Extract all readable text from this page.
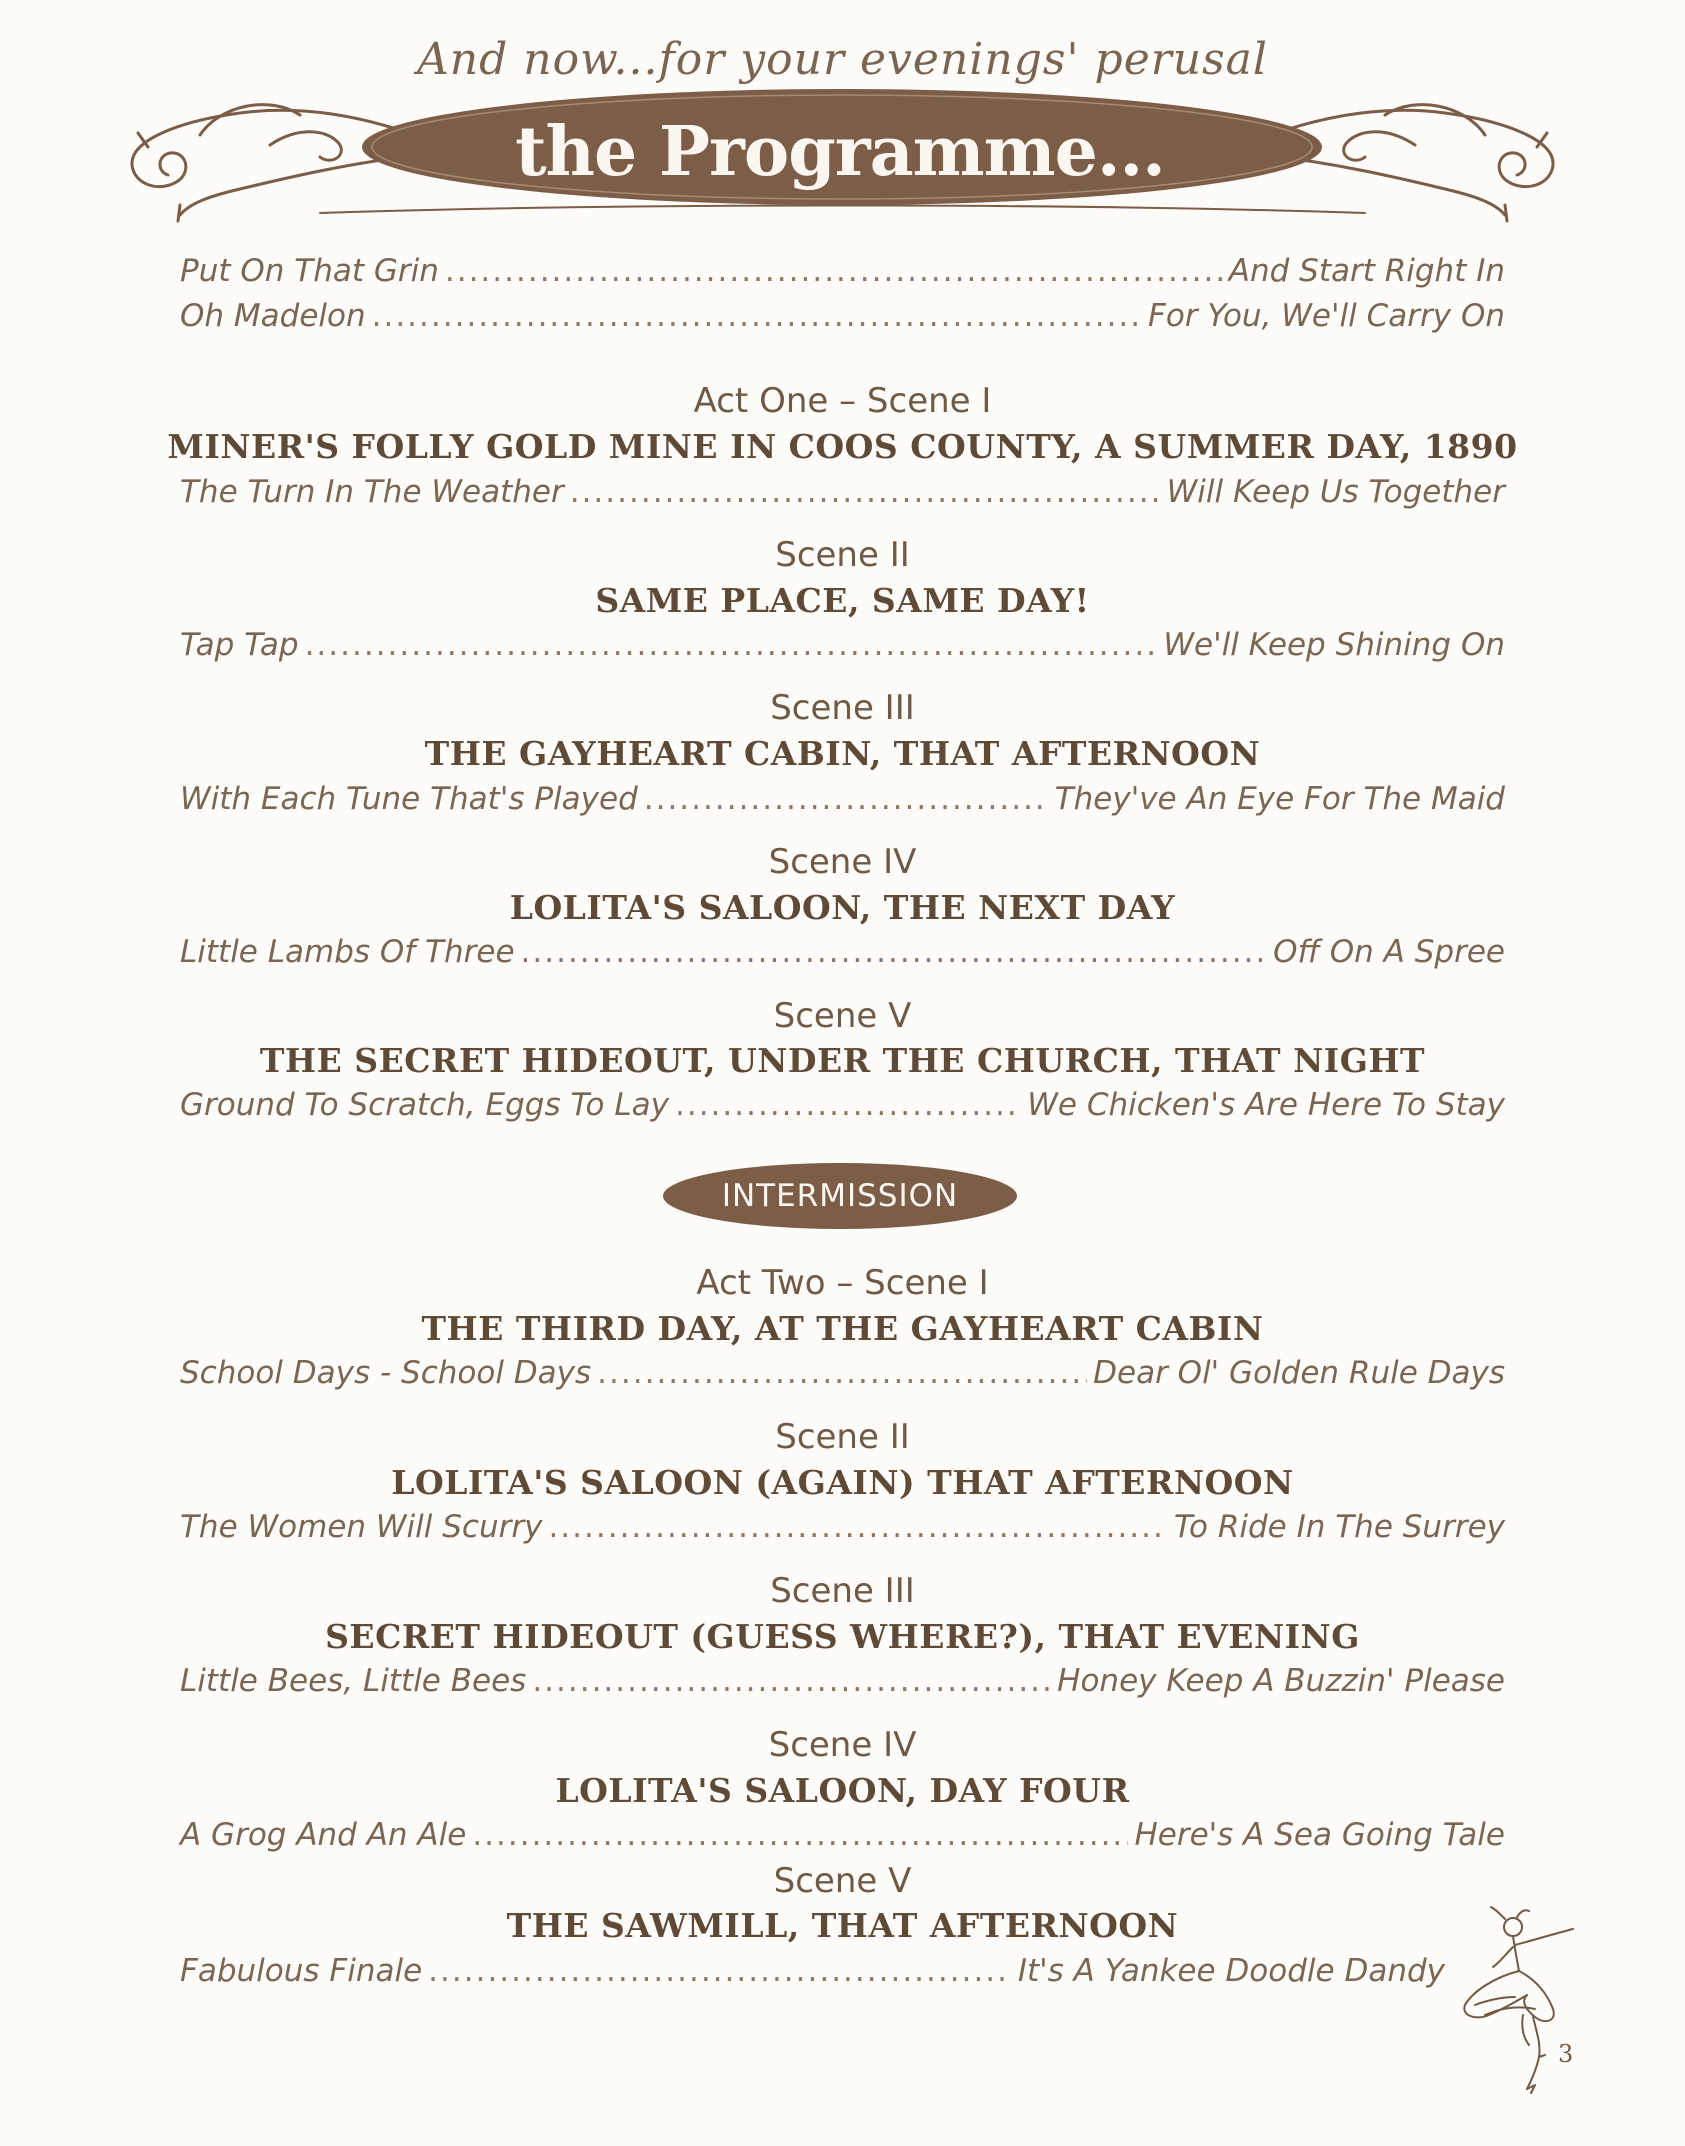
And now...for your evenings' perusal
the Programme...
Put On That Grin .....	And Start Right In
Oh Madelon .....	For You, We'll Carry On
Act One – Scene I
MINER'S FOLLY GOLD MINE IN COOS COUNTY, A SUMMER DAY, 1890
The Turn In The Weather .....	Will Keep Us Together
Scene II
SAME PLACE, SAME DAY!
Tap Tap .....	We'll Keep Shining On
Scene III
THE GAYHEART CABIN, THAT AFTERNOON
With Each Tune That's Played .....	They've An Eye For The Maid
Scene IV
LOLITA'S SALOON, THE NEXT DAY
Little Lambs Of Three .....	Off On A Spree
Scene V
THE SECRET HIDEOUT, UNDER THE CHURCH, THAT NIGHT
Ground To Scratch, Eggs To Lay .....	We Chicken's Are Here To Stay
INTERMISSION
Act Two – Scene I
THE THIRD DAY, AT THE GAYHEART CABIN
School Days - School Days .....	Dear Ol' Golden Rule Days
Scene II
LOLITA'S SALOON (AGAIN) THAT AFTERNOON
The Women Will Scurry .....	To Ride In The Surrey
Scene III
SECRET HIDEOUT (GUESS WHERE?), THAT EVENING
Little Bees, Little Bees .....	Honey Keep A Buzzin' Please
Scene IV
LOLITA'S SALOON, DAY FOUR
A Grog And An Ale .....	Here's A Sea Going Tale
Scene V
THE SAWMILL, THAT AFTERNOON
Fabulous Finale .....	It's A Yankee Doodle Dandy
3
